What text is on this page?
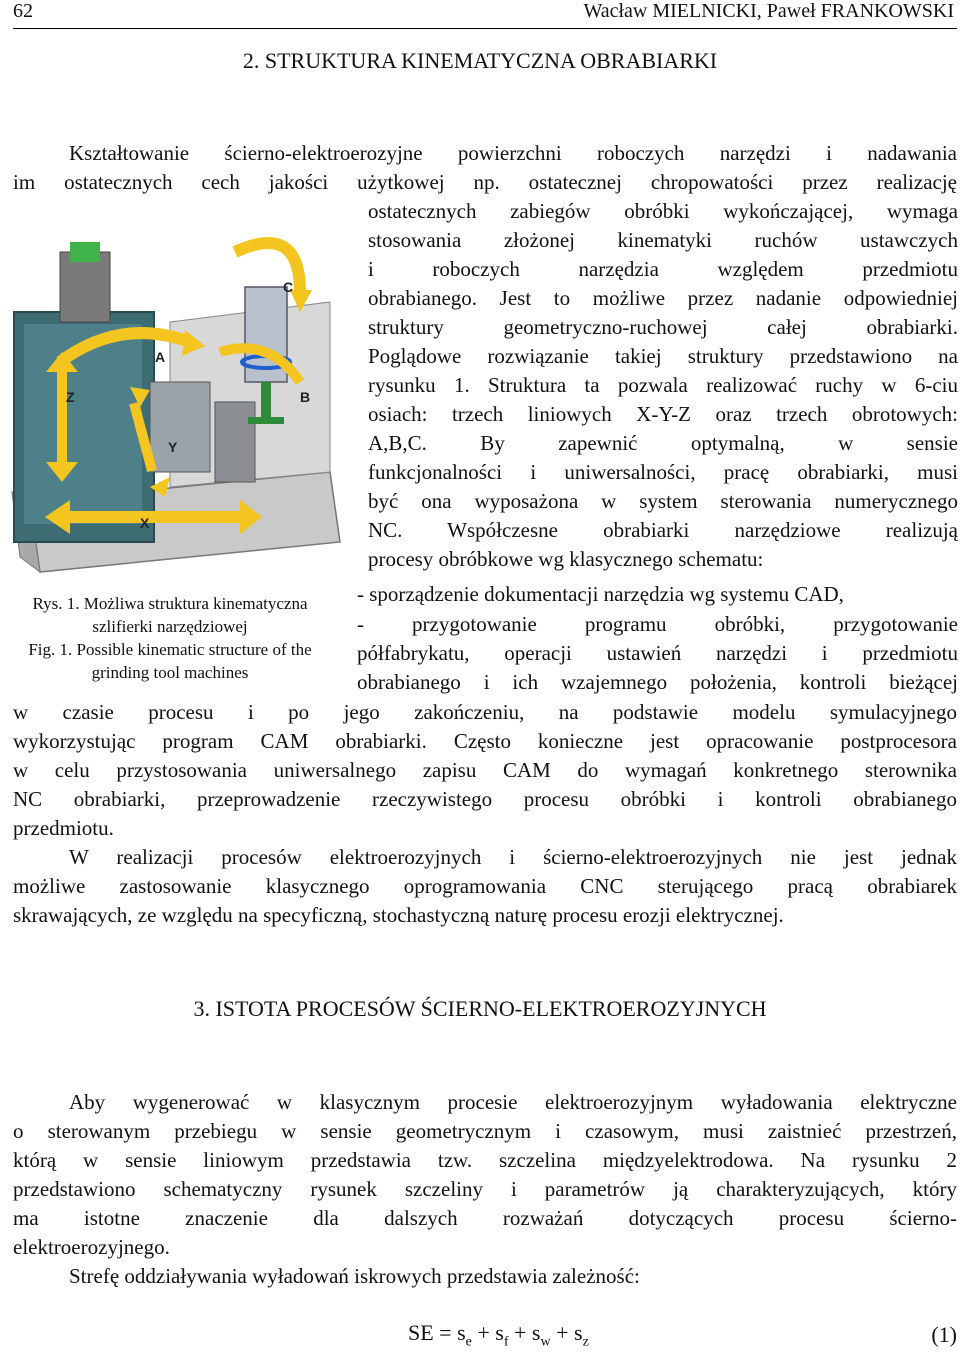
62	Wacław MIELNICKI, Paweł FRANKOWSKI
2. STRUKTURA KINEMATYCZNA OBRABIARKI
Kształtowanie ścierno-elektroerozyjne powierzchni roboczych narzędzi i nadawania
im ostatecznych cech jakości użytkowej np. ostatecznej chropowatości przez realizację
ostatecznych zabiegów obróbki wykończającej, wymaga
stosowania złożonej kinematyki ruchów ustawczych
i roboczych narzędzia względem przedmiotu
obrabianego. Jest to możliwe przez nadanie odpowiedniej
struktury geometryczno-ruchowej całej obrabiarki.
Poglądowe rozwiązanie takiej struktury przedstawiono na
rysunku 1. Struktura ta pozwala realizować ruchy w 6-ciu
osiach: trzech liniowych X-Y-Z oraz trzech obrotowych:
A,B,C. By zapewnić optymalną, w sensie
funkcjonalności i uniwersalności, pracę obrabiarki, musi
być ona wyposażona w system sterowania numerycznego
NC. Współczesne obrabiarki narzędziowe realizują
procesy obróbkowe wg klasycznego schematu:
- sporządzenie dokumentacji narzędzia wg systemu CAD,
- przygotowanie programu obróbki, przygotowanie
półfabrykatu, operacji ustawień narzędzi i przedmiotu
obrabianego i ich wzajemnego położenia, kontroli bieżącej
w czasie procesu i po jego zakończeniu, na podstawie modelu symulacyjnego
wykorzystując program CAM obrabiarki. Często konieczne jest opracowanie postprocesora
w celu przystosowania uniwersalnego zapisu CAM do wymagań konkretnego sterownika
NC obrabiarki, przeprowadzenie rzeczywistego procesu obróbki i kontroli obrabianego
przedmiotu.
W realizacji procesów elektroerozyjnych i ścierno-elektroerozyjnych nie jest jednak
możliwe zastosowanie klasycznego oprogramowania CNC sterującego pracą obrabiarek
skrawających, ze względu na specyficzną, stochastyczną naturę procesu erozji elektrycznej.
A
B
C
X
Y
Z
Rys. 1. Możliwa struktura kinematyczna
szlifierki narzędziowej
Fig. 1. Possible kinematic structure of the
grinding tool machines
3. ISTOTA PROCESÓW ŚCIERNO-ELEKTROEROZYJNYCH
Aby wygenerować w klasycznym procesie elektroerozyjnym wyładowania elektryczne
o sterowanym przebiegu w sensie geometrycznym i czasowym, musi zaistnieć przestrzeń,
którą w sensie liniowym przedstawia tzw. szczelina międzyelektrodowa. Na rysunku 2
przedstawiono schematyczny rysunek szczeliny i parametrów ją charakteryzujących, który
ma istotne znaczenie dla dalszych rozważań dotyczących procesu ścierno-
elektroerozyjnego.
Strefę oddziaływania wyładowań iskrowych przedstawia zależność:
SE = $s_e + s_f + s_w + s_z$	(1)
